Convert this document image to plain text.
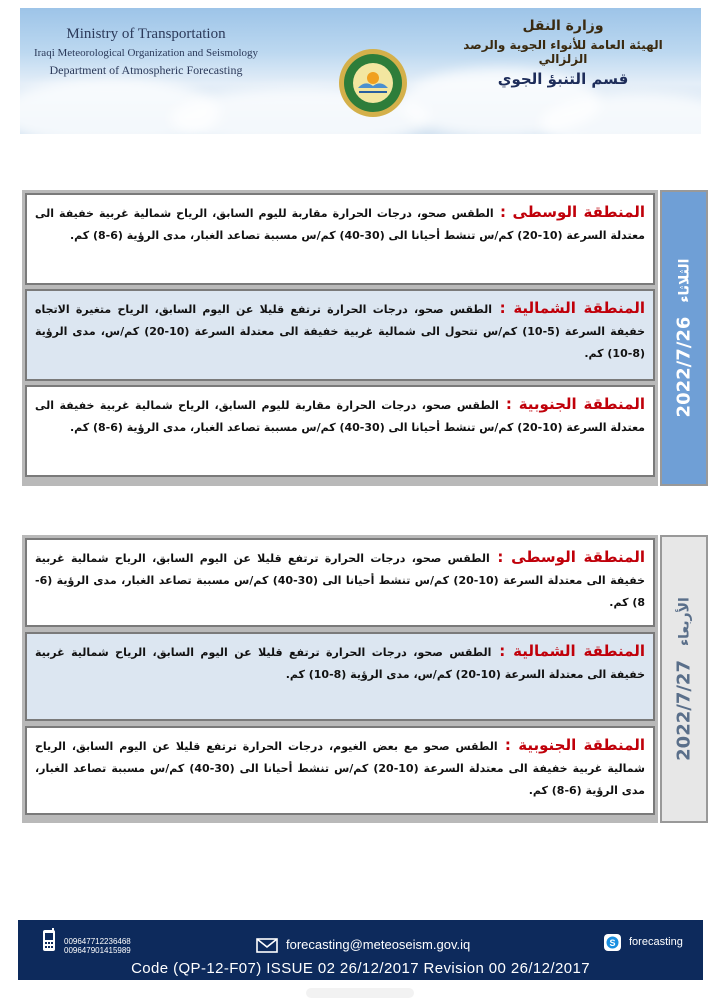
Ministry of Transportation
Iraqi Meteorological Organization and Seismology
Department of Atmospheric Forecasting
وزارة النقل
الهيئة العامة للأنواء الجوية والرصد الزلزالي
قسم التنبؤ الجوي
المنطقة الوسطى : الطقس صحو، درجات الحرارة مقاربة لليوم السابق، الرياح شمالية غربية خفيفة الى معتدلة السرعة (10-20) كم/س تنشط أحيانا الى (30-40) كم/س مسببة تصاعد الغبار، مدى الرؤية (6-8) كم.
المنطقة الشمالية : الطقس صحو، درجات الحرارة ترتفع قليلا عن اليوم السابق، الرياح متغيرة الاتجاه خفيفة السرعة (5-10) كم/س تتحول الى شمالية غربية خفيفة الى معتدلة السرعة (10-20) كم/س، مدى الرؤية (8-10) كم.
المنطقة الجنوبية : الطقس صحو، درجات الحرارة مقاربة لليوم السابق، الرياح شمالية غربية خفيفة الى معتدلة السرعة (10-20) كم/س تنشط أحيانا الى (30-40) كم/س مسببة تصاعد الغبار، مدى الرؤية (6-8) كم.
2022/7/26
الثلاثاء
المنطقة الوسطى : الطقس صحو، درجات الحرارة ترتفع قليلا عن اليوم السابق، الرياح شمالية غربية خفيفة الى معتدلة السرعة (10-20) كم/س تنشط أحيانا الى (30-40) كم/س مسببة تصاعد الغبار، مدى الرؤية (6-8) كم.
المنطقة الشمالية : الطقس صحو، درجات الحرارة ترتفع قليلا عن اليوم السابق، الرياح شمالية غربية خفيفة الى معتدلة السرعة (10-20) كم/س، مدى الرؤية (8-10) كم.
المنطقة الجنوبية : الطقس صحو مع بعض الغيوم، درجات الحرارة ترتفع قليلا عن اليوم السابق، الرياح شمالية غربية خفيفة الى معتدلة السرعة (10-20) كم/س تنشط أحيانا الى (30-40) كم/س مسببة تصاعد الغبار، مدى الرؤية (6-8) كم.
2022/7/27
الأربعاء
009647712236468
009647901415989	forecasting@meteoseism.gov.iq	S forecasting
Code (QP-12-F07) ISSUE 02 26/12/2017 Revision 00 26/12/2017
